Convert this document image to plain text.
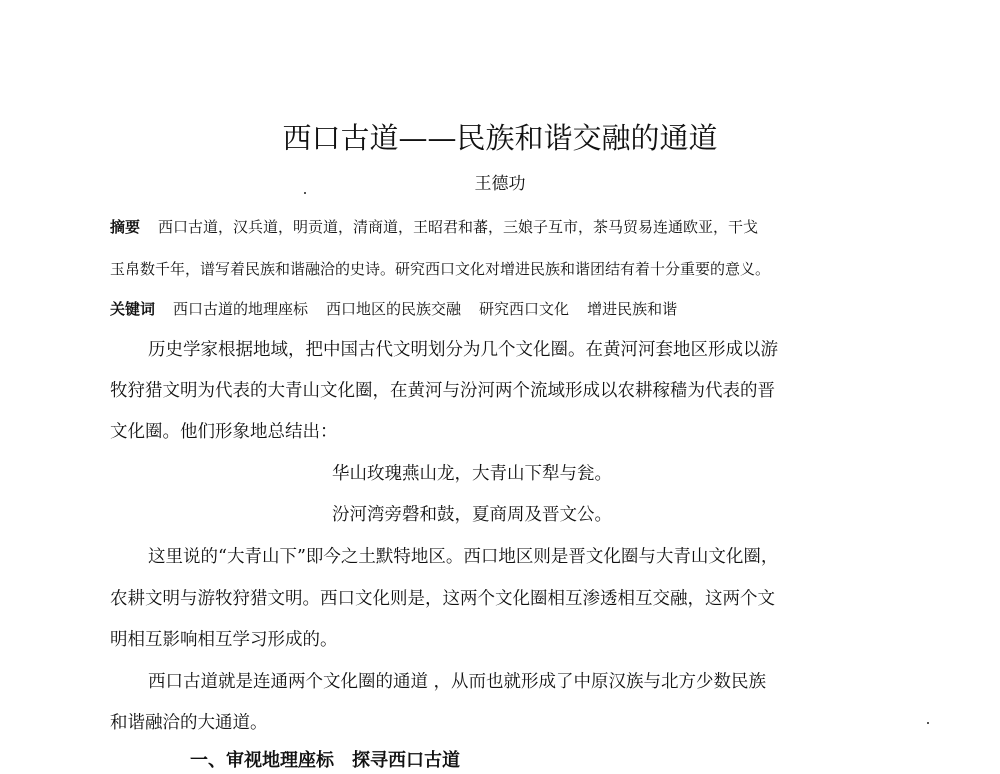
西口古道——民族和谐交融的通道
王德功
摘要 西口古道，汉兵道，明贡道，清商道，王昭君和蕃，三娘子互市，茶马贸易连通欧亚，干戈
玉帛数千年，谱写着民族和谐融洽的史诗。研究西口文化对增进民族和谐团结有着十分重要的意义。
关键词 西口古道的地理座标 西口地区的民族交融 研究西口文化 增进民族和谐
历史学家根据地域，把中国古代文明划分为几个文化圈。在黄河河套地区形成以游
牧狩猎文明为代表的大青山文化圈，在黄河与汾河两个流域形成以农耕稼穑为代表的晋
文化圈。他们形象地总结出：
华山玫瑰燕山龙，大青山下犁与瓮。
汾河湾旁磬和鼓，夏商周及晋文公。
这里说的“大青山下”即今之土默特地区。西口地区则是晋文化圈与大青山文化圈，
农耕文明与游牧狩猎文明。西口文化则是，这两个文化圈相互渗透相互交融，这两个文
明相互影响相互学习形成的。
西口古道就是连通两个文化圈的通道 ，从而也就形成了中原汉族与北方少数民族
和谐融洽的大通道。
一、审视地理座标　探寻西口古道
